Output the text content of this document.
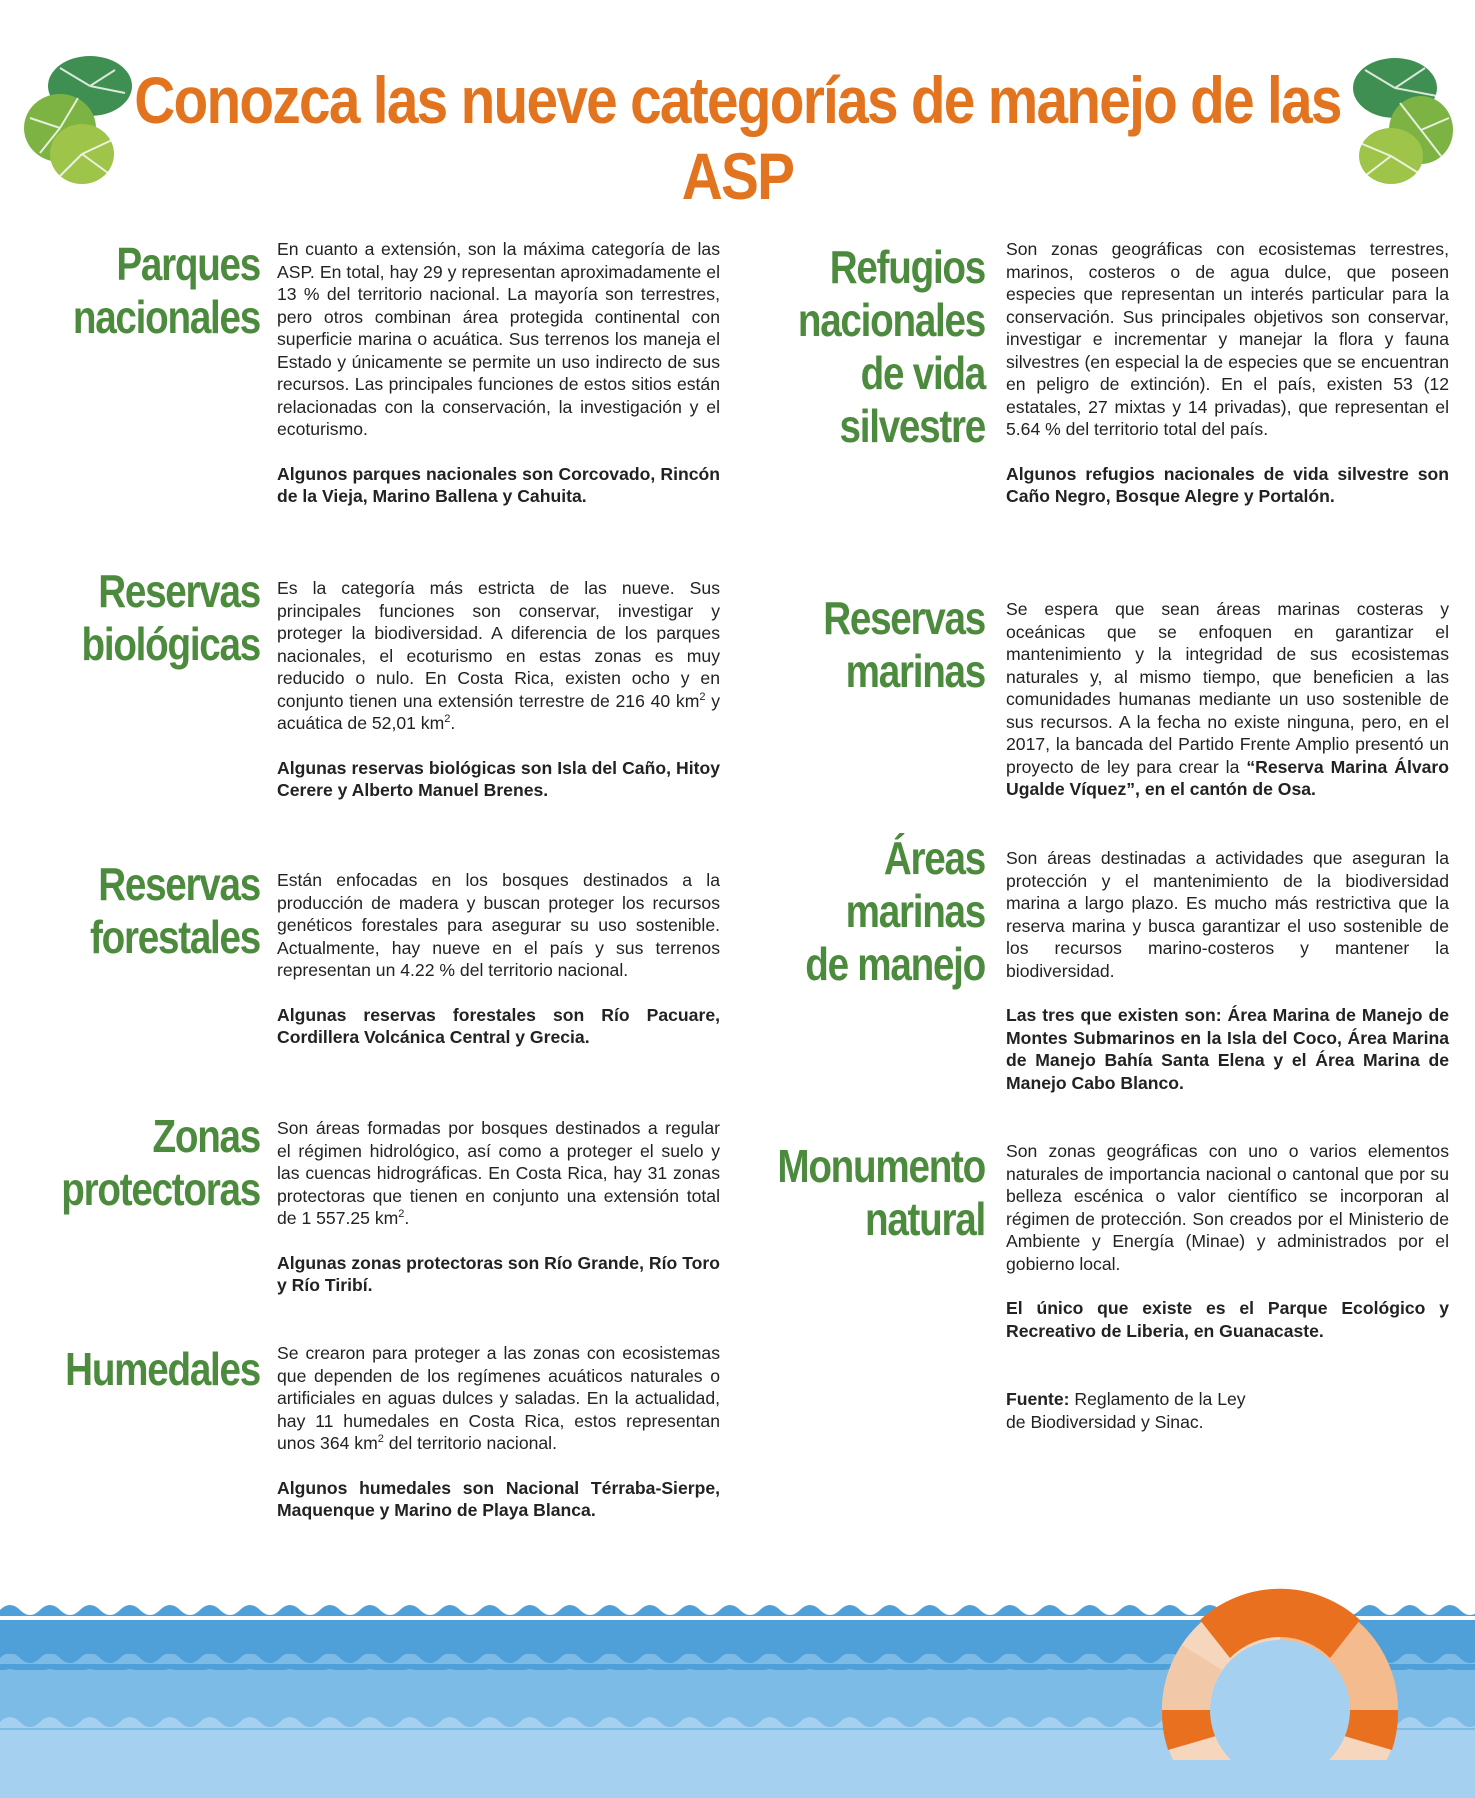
Conozca las nueve categorías de manejo de las ASP
Parques
nacionales

En cuanto a extensión, son la máxima categoría de las ASP. En total, hay 29 y representan aproximadamente el 13 % del territorio nacional. La mayoría son terrestres, pero otros combinan área protegida continental con superficie marina o acuática. Sus terrenos los maneja el Estado y únicamente se permite un uso indirecto de sus recursos. Las principales funciones de estos sitios están relacionadas con la conservación, la investigación y el ecoturismo.

Algunos parques nacionales son Corcovado, Rincón de la Vieja, Marino Ballena y Cahuita.

Reservas
biológicas

Es la categoría más estricta de las nueve. Sus principales funciones son conservar, investigar y proteger la biodiversidad. A diferencia de los parques nacionales, el ecoturismo en estas zonas es muy reducido o nulo. En Costa Rica, existen ocho y en conjunto tienen una extensión terrestre de 216 40 $km^2$ y acuática de 52,01 $km^2$.

Algunas reservas biológicas son Isla del Caño, Hitoy Cerere y Alberto Manuel Brenes.

Reservas
forestales

Están enfocadas en los bosques destinados a la producción de madera y buscan proteger los recursos genéticos forestales para asegurar su uso sostenible. Actualmente, hay nueve en el país y sus terrenos representan un 4.22 % del territorio nacional.

Algunas reservas forestales son Río Pacuare, Cordillera Volcánica Central y Grecia.

Zonas
protectoras

Son áreas formadas por bosques destinados a regular el régimen hidrológico, así como a proteger el suelo y las cuencas hidrográficas. En Costa Rica, hay 31 zonas protectoras que tienen en conjunto una extensión total de 1 557.25 $km^2$.

Algunas zonas protectoras son Río Grande, Río Toro y Río Tiribí.

Humedales Se crearon para proteger a las zonas con ecosistemas que dependen de los regímenes acuáticos naturales o artificiales en aguas dulces y saladas. En la actualidad, hay 11 humedales en Costa Rica, estos representan unos 364 $km^2$ del territorio nacional.

Algunos humedales son Nacional Térraba-Sierpe, Maquenque y Marino de Playa Blanca.

Refugios
nacionales
de vida
silvestre

Son zonas geográficas con ecosistemas terrestres, marinos, costeros o de agua dulce, que poseen especies que representan un interés particular para la conservación. Sus principales objetivos son conservar, investigar e incrementar y manejar la flora y fauna silvestres (en especial la de especies que se encuentran en peligro de extinción). En el país, existen 53 (12 estatales, 27 mixtas y 14 privadas), que representan el 5.64 % del territorio total del país.

Algunos refugios nacionales de vida silvestre son Caño Negro, Bosque Alegre y Portalón.

Reservas
marinas

Se espera que sean áreas marinas costeras y oceánicas que se enfoquen en garantizar el mantenimiento y la integridad de sus ecosistemas naturales y, al mismo tiempo, que beneficien a las comunidades humanas mediante un uso sostenible de sus recursos. A la fecha no existe ninguna, pero, en el 2017, la bancada del Partido Frente Amplio presentó un proyecto de ley para crear la “Reserva Marina Álvaro Ugalde Víquez”, en el cantón de Osa.

Áreas
marinas
de manejo

Son áreas destinadas a actividades que aseguran la protección y el mantenimiento de la biodiversidad marina a largo plazo. Es mucho más restrictiva que la reserva marina y busca garantizar el uso sostenible de los recursos marino-costeros y mantener la biodiversidad.

Las tres que existen son: Área Marina de Manejo de Montes Submarinos en la Isla del Coco, Área Marina de Manejo Bahía Santa Elena y el Área Marina de Manejo Cabo Blanco.

Monumento
natural

Son zonas geográficas con uno o varios elementos naturales de importancia nacional o cantonal que por su belleza escénica o valor científico se incorporan al régimen de protección. Son creados por el Ministerio de Ambiente y Energía (Minae) y administrados por el gobierno local.

El único que existe es el Parque Ecológico y Recreativo de Liberia, en Guanacaste.

Fuente: Reglamento de la Ley
de Biodiversidad y Sinac.
